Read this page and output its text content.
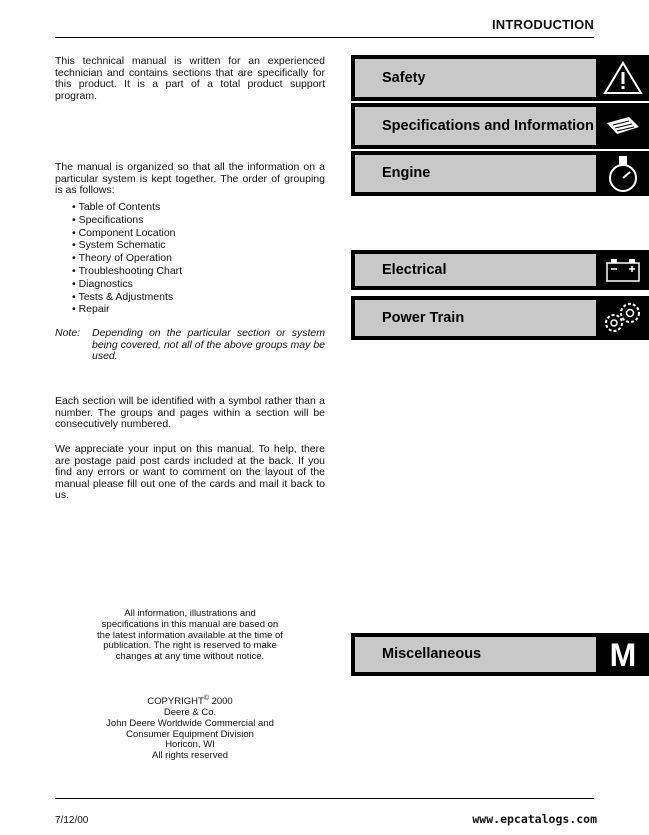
INTRODUCTION
This technical manual is written for an experienced technician and contains sections that are specifically for this product. It is a part of a total product support program.
The manual is organized so that all the information on a particular system is kept together. The order of grouping is as follows:
• Table of Contents
• Specifications
• Component Location
• System Schematic
• Theory of Operation
• Troubleshooting Chart
• Diagnostics
• Tests & Adjustments
• Repair
Note: Depending on the particular section or system being covered, not all of the above groups may be used.
Each section will be identified with a symbol rather than a number. The groups and pages within a section will be consecutively numbered.
We appreciate your input on this manual. To help, there are postage paid post cards included at the back. If you find any errors or want to comment on the layout of the manual please fill out one of the cards and mail it back to us.
All information, illustrations and
specifications in this manual are based on
the latest information available at the time of
publication. The right is reserved to make
changes at any time without notice.
COPYRIGHT© 2000
Deere & Co.
John Deere Worldwide Commercial and
Consumer Equipment Division
Horicon, WI
All rights reserved
Safety
Specifications and Information
Engine
Electrical
Power Train
Miscellaneous	M
7/12/00	www.epcatalogs.com
